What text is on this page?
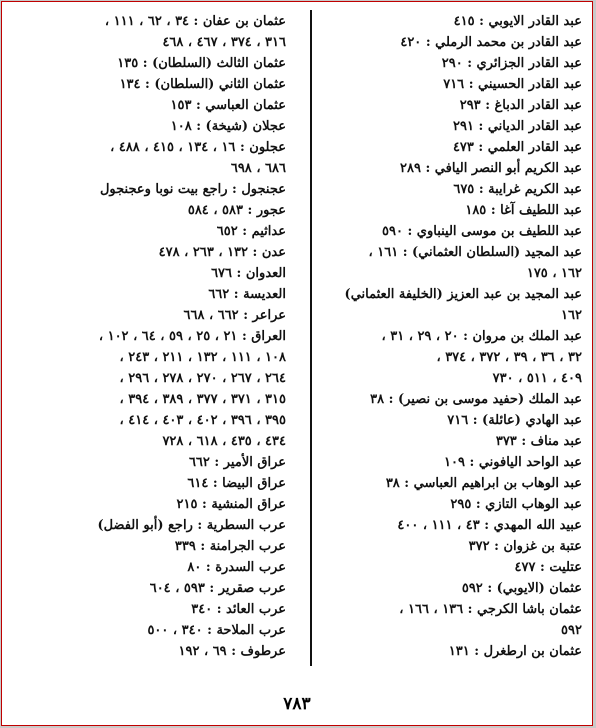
عبد القادر الايوبي : ٤١٥
عبد القادر بن محمد الرملي : ٤٢٠
عبد القادر الجزائري : ٢٩٠
عبد القادر الحسيني : ٧١٦
عبد القادر الدباغ : ٢٩٣
عبد القادر الدياني : ٢٩١
عبد القادر العلمي : ٤٧٣
عبد الكريم أبو النصر اليافي : ٢٨٩
عبد الكريم غرايبة : ٦٧٥
عبد اللطيف آغا : ١٨٥
عبد اللطيف بن موسى الينباوي : ٥٩٠
عبد المجيد (السلطان العثماني) : ١٦١ ،
١٦٢ ، ١٧٥
عبد المجيد بن عبد العزيز (الخليفة العثماني)
١٦٢
عبد الملك بن مروان : ٢٠ ، ٢٩ ، ٣١ ،
٣٢ ، ٣٦ ، ٣٩ ، ٣٧٢ ، ٣٧٤ ،
٤٠٩ ، ٥١١ ، ٧٣٠
عبد الملك (حفيد موسى بن نصير) : ٣٨
عبد الهادي (عائلة) : ٧١٦
عبد مناف : ٣٧٣
عبد الواحد اليافوني : ١٠٩
عبد الوهاب بن ابراهيم العباسي : ٣٨
عبد الوهاب التازي : ٢٩٥
عبيد الله المهدي : ٤٣ ، ١١١ ، ٤٠٠
عتبة بن غزوان : ٣٧٢
عتليت : ٤٧٧
عثمان (الايوبي) : ٥٩٢
عثمان باشا الكرجي : ١٣٦ ، ١٦٦ ،
٥٩٢
عثمان بن ارطغرل : ١٣١
عثمان بن عفان : ٣٤ ، ٦٢ ، ١١١ ،
٣١٦ ، ٣٧٤ ، ٤٦٧ ، ٤٦٨
عثمان الثالث (السلطان) : ١٣٥
عثمان الثاني (السلطان) : ١٣٤
عثمان العباسي : ١٥٣
عجلان (شيخة) : ١٠٨
عجلون : ١٦ ، ١٣٤ ، ٤١٥ ، ٤٨٨ ،
٦٨٦ ، ٦٩٨
عجنجول : راجع بيت نوبا وعجنجول
عجور : ٥٨٣ ، ٥٨٤
عداثيم : ٦٥٢
عدن : ١٣٢ ، ٢٦٣ ، ٤٧٨
العدوان : ٦٧٦
العديسة : ٦٦٢
عراعر : ٦٦٢ ، ٦٦٨
العراق : ٢١ ، ٢٥ ، ٥٩ ، ٦٤ ، ١٠٢ ،
١٠٨ ، ١١١ ، ١٣٢ ، ٢١١ ، ٢٤٣ ،
٢٦٤ ، ٢٦٧ ، ٢٧٠ ، ٢٧٨ ، ٢٩٦ ،
٣١٥ ، ٣٧١ ، ٣٧٧ ، ٣٨٩ ، ٣٩٤ ،
٣٩٥ ، ٣٩٦ ، ٤٠٢ ، ٤٠٣ ، ٤١٤ ،
٤٣٤ ، ٤٣٥ ، ٦١٨ ، ٧٢٨
عراق الأمير : ٦٦٢
عراق البيضا : ٦١٤
عراق المنشية : ٢١٥
عرب السطرية : راجع (أبو الفضل)
عرب الجرامنة : ٣٣٩
عرب السدرة : ٨٠
عرب صقرير : ٥٩٣ ، ٦٠٤
عرب العائد : ٣٤٠
عرب الملاحة : ٣٤٠ ، ٥٠٠
عرطوف : ٦٩ ، ١٩٢
٧٨٣
